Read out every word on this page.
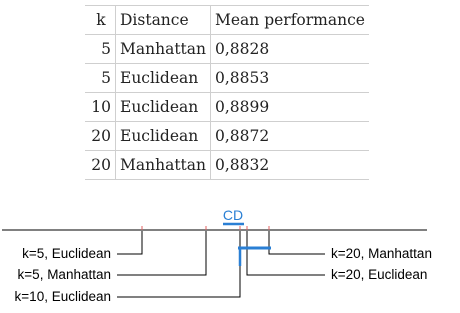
k	Distance	Mean performance
5	Manhattan	0,8828
5	Euclidean	0,8853
10	Euclidean	0,8899
20	Euclidean	0,8872
20	Manhattan	0,8832
CD
k=5, Euclidean
k=5, Manhattan
k=10, Euclidean
k=20, Manhattan
k=20, Euclidean
